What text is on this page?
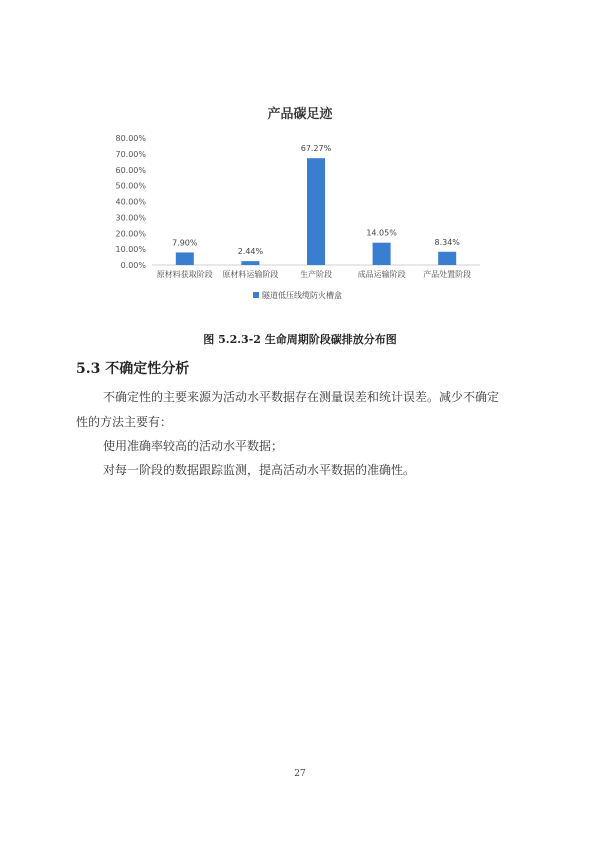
0.00%
10.00%
20.00%
30.00%
40.00%
50.00%
60.00%
70.00%
80.00%
7.90%
原材料获取阶段
2.44%
原材料运输阶段
67.27%
生产阶段
14.05%
成品运输阶段
8.34%
产品处置阶段
隧道低压线缆防火槽盒
产品碳足迹
图 5.2.3-2 生命周期阶段碳排放分布图
5.3 不确定性分析
不确定性的主要来源为活动水平数据存在测量误差和统计误差。减少不确定
性的方法主要有：
使用准确率较高的活动水平数据；
对每一阶段的数据跟踪监测，提高活动水平数据的准确性。
27
